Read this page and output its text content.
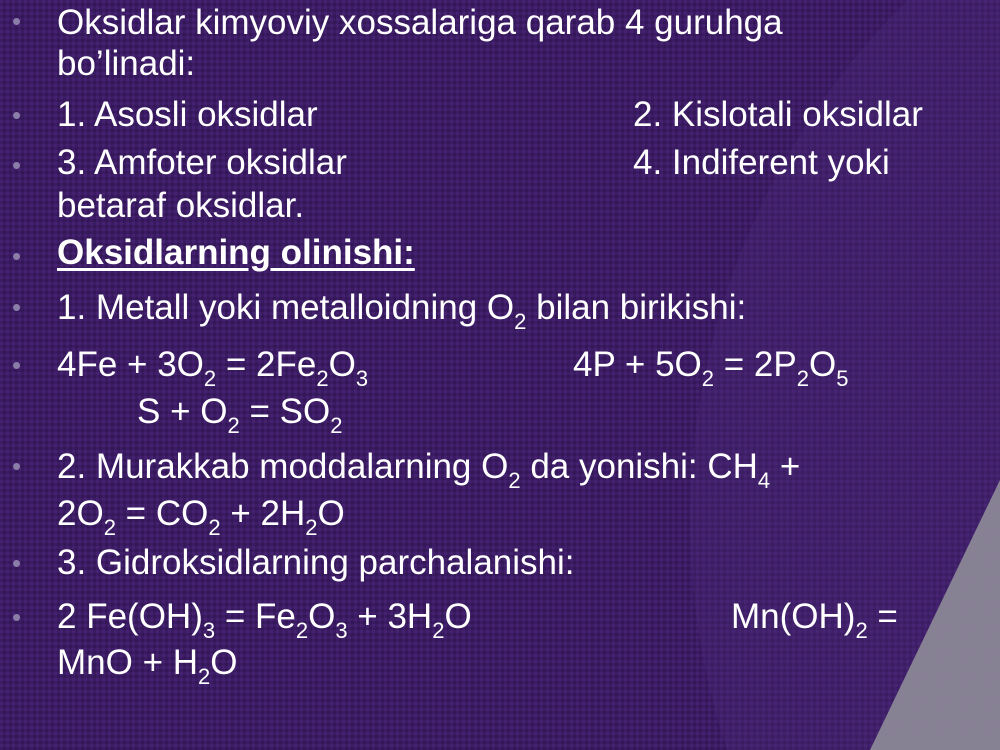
• Oksidlar kimyoviy xossalariga qarab 4 guruhga
bo’linadi:
• 1. Asosli oksidlar	2. Kislotali oksidlar
• 3. Amfoter oksidlar	4. Indiferent yoki
betaraf oksidlar.
• Oksidlarning olinishi:
• 1. Metall yoki metalloidning $O_2$ bilan birikishi:
• $4Fe + 3O_2 = 2Fe_2O_3$	$4P + 5O_2 = 2P_2O_5$
$S + O_2 = SO_2$
• 2. Murakkab moddalarning $O_2$ da yonishi: $CH_4$ +
$2O_2 = CO_2 + 2H_2O$
• 3. Gidroksidlarning parchalanishi:
• 2 $Fe(OH)_3 = Fe_2O_3 + 3H_2O$	$Mn(OH)_2$ =
MnO + $H_2O$
